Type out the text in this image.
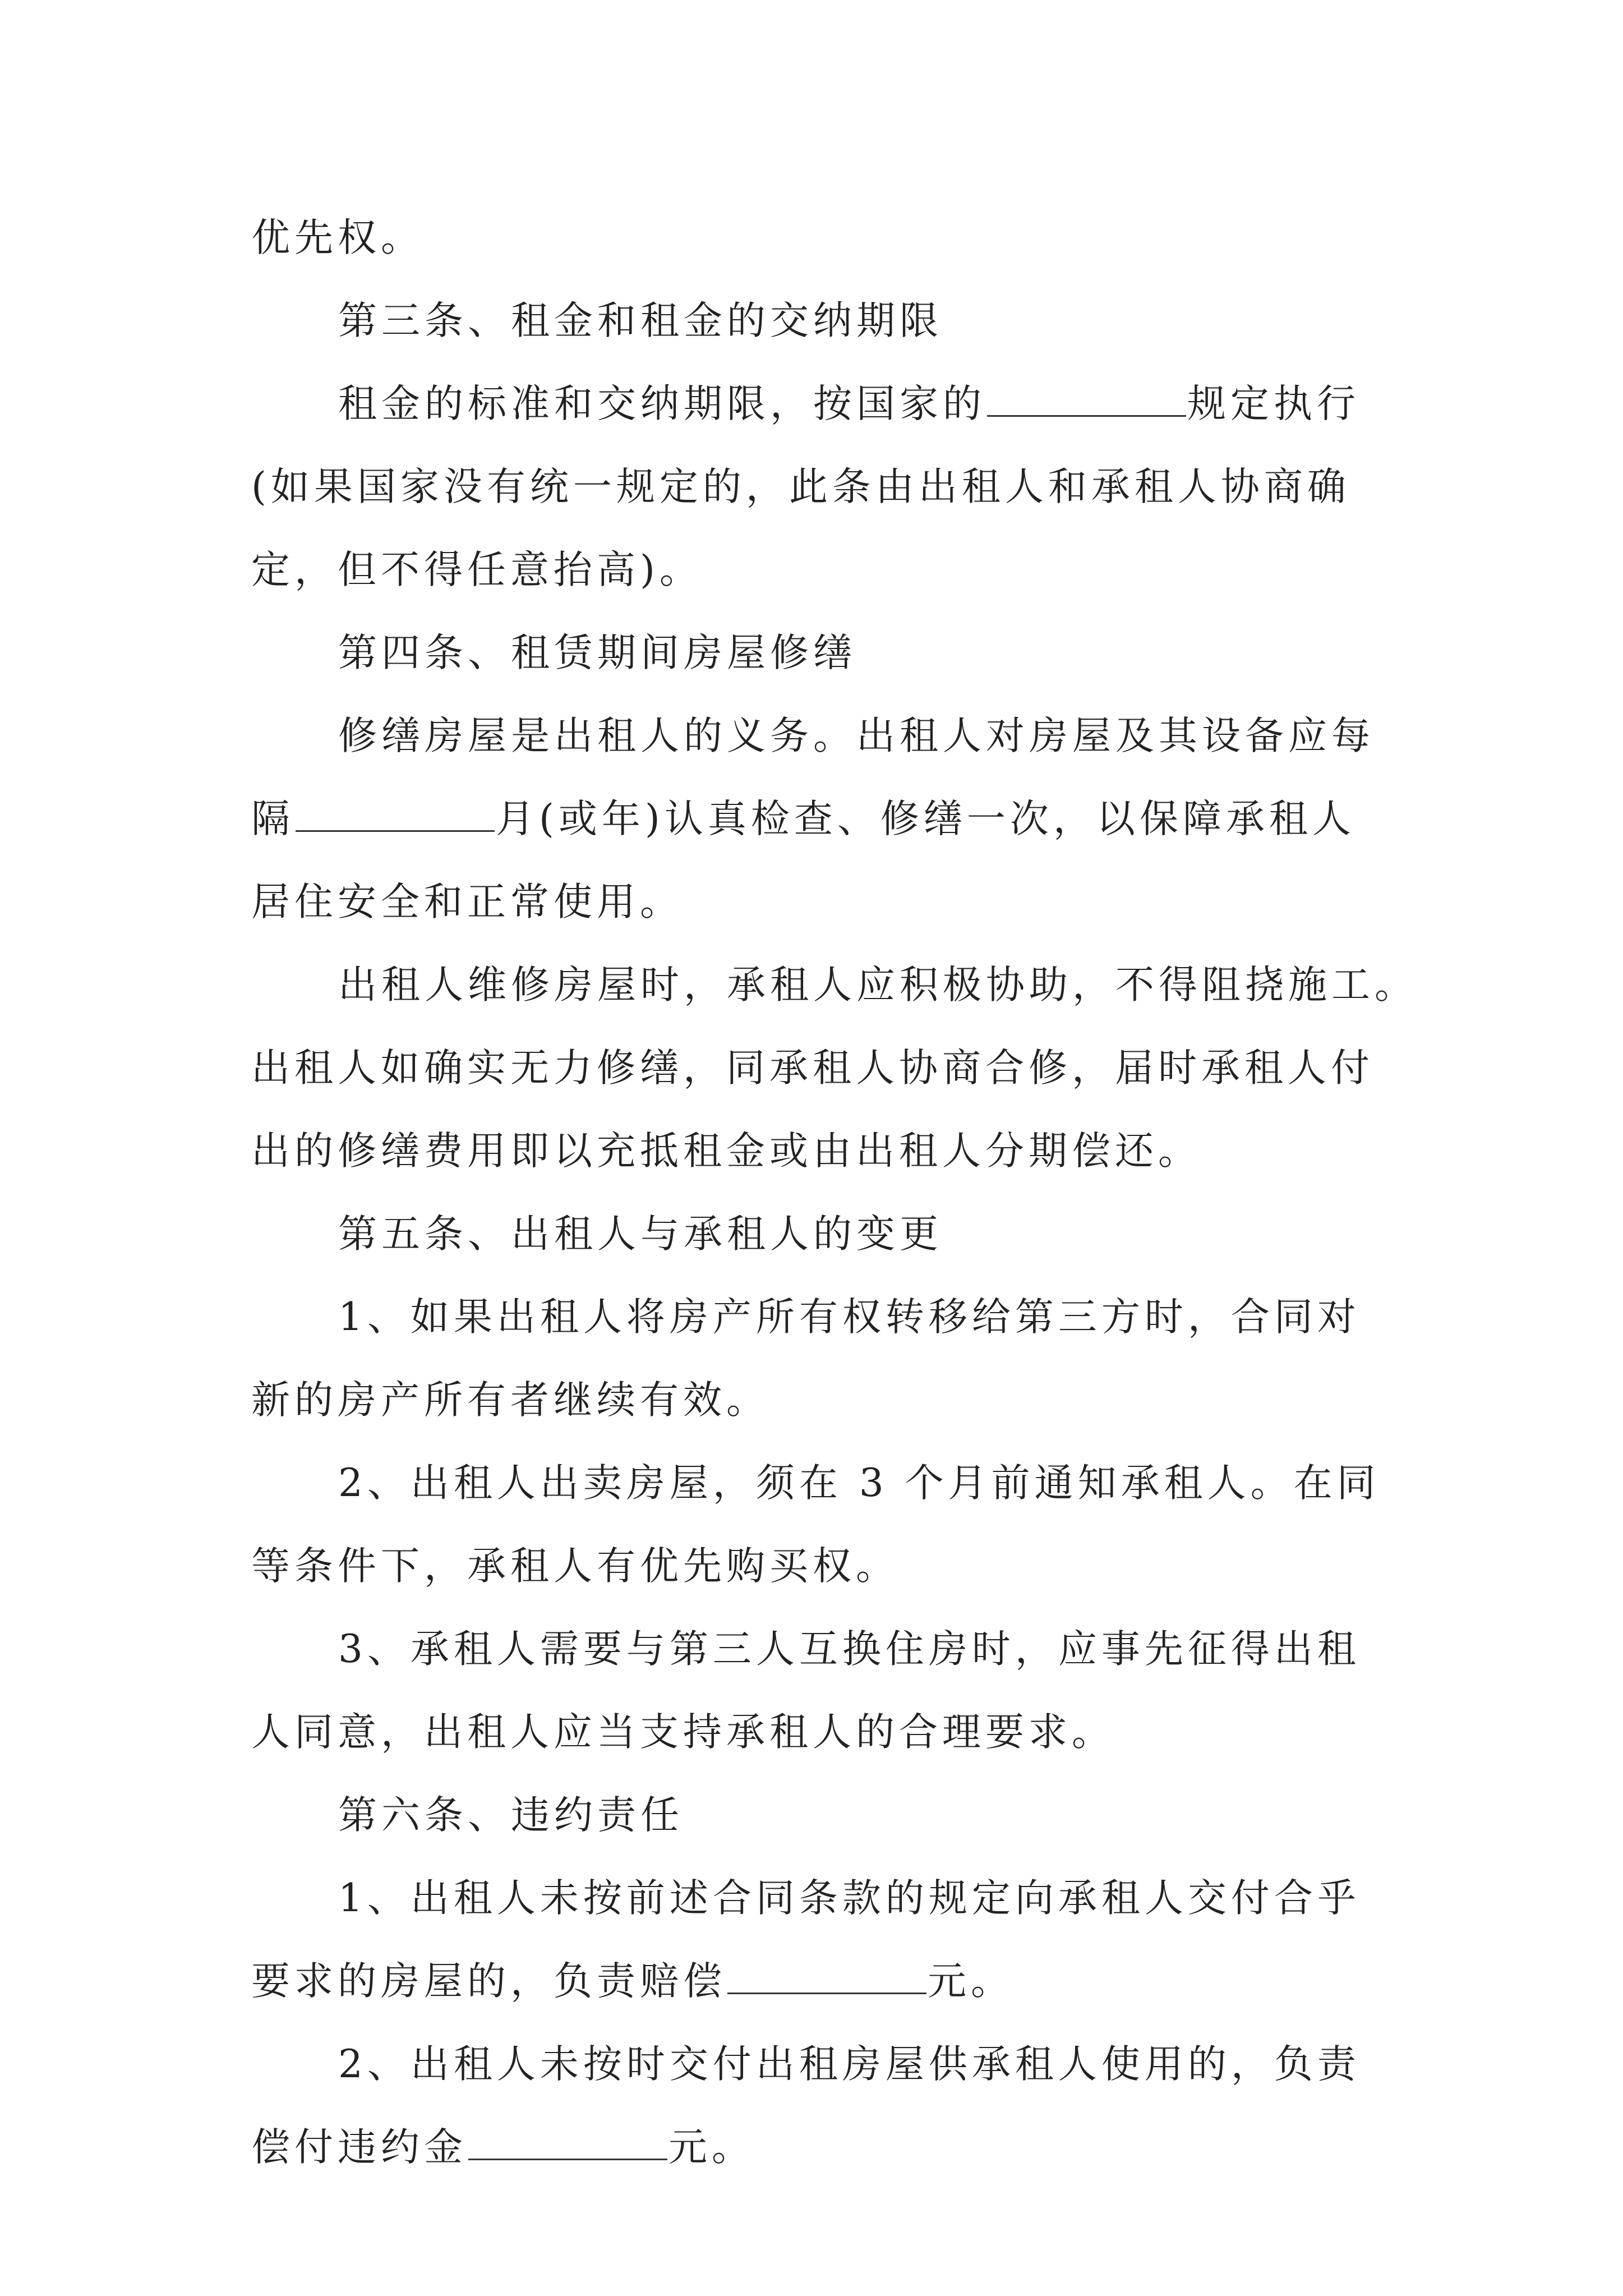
优先权。
第三条、租金和租金的交纳期限
租金的标准和交纳期限，按国家的	规定执行
(如果国家没有统一规定的，此条由出租人和承租人协商确
定，但不得任意抬高)。
第四条、租赁期间房屋修缮
修缮房屋是出租人的义务。出租人对房屋及其设备应每
隔	月(或年)认真检查、修缮一次，以保障承租人
居住安全和正常使用。
出租人维修房屋时，承租人应积极协助，不得阻挠施工。
出租人如确实无力修缮，同承租人协商合修，届时承租人付
出的修缮费用即以充抵租金或由出租人分期偿还。
第五条、出租人与承租人的变更
1、如果出租人将房产所有权转移给第三方时，合同对
新的房产所有者继续有效。
2、出租人出卖房屋，须在 3 个月前通知承租人。在同
等条件下，承租人有优先购买权。
3、承租人需要与第三人互换住房时，应事先征得出租
人同意，出租人应当支持承租人的合理要求。
第六条、违约责任
1、出租人未按前述合同条款的规定向承租人交付合乎
要求的房屋的，负责赔偿	元。
2、出租人未按时交付出租房屋供承租人使用的，负责
偿付违约金	元。
